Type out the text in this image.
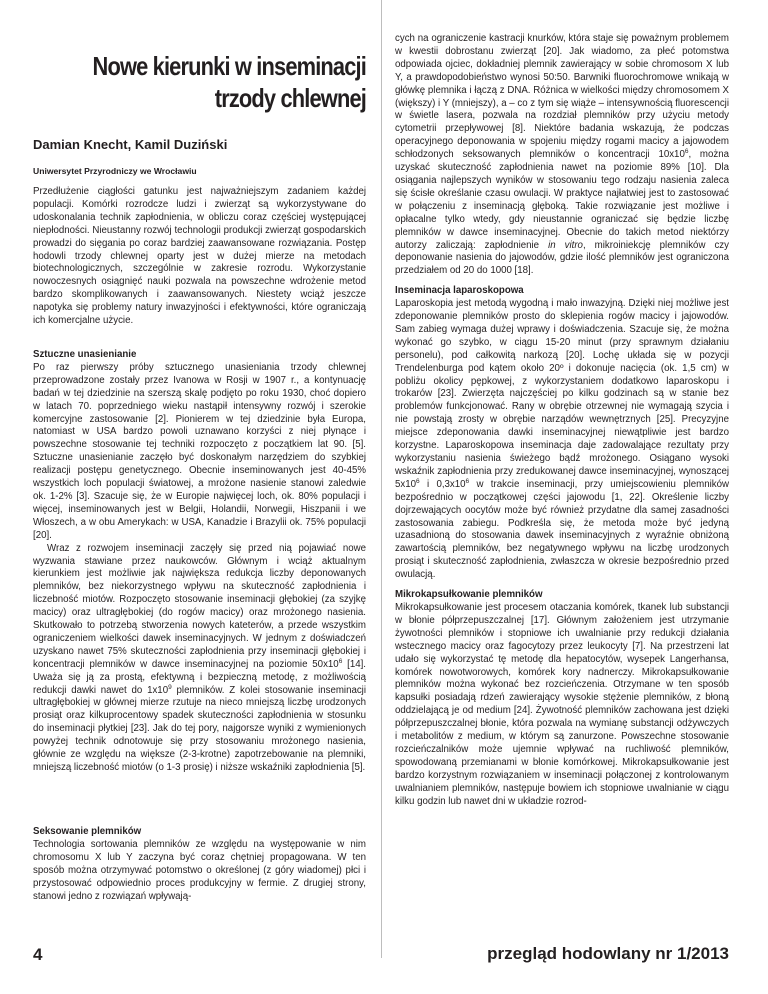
Nowe kierunki w inseminacji
trzody chlewnej
Damian Knecht, Kamil Duziński
Uniwersytet Przyrodniczy we Wrocławiu

Przedłużenie ciągłości gatunku jest najważniejszym zadaniem każdej populacji. Komórki rozrodcze ludzi i zwierząt są wykorzystywane do udoskonalania technik zapłodnienia, w obliczu coraz częściej występującej niepłodności. Nieustanny rozwój technologii produkcji zwierząt gospodarskich prowadzi do sięgania po coraz bardziej zaawansowane rozwiązania. Postęp hodowli trzody chlewnej oparty jest w dużej mierze na metodach biotechnologicznych, szczególnie w zakresie rozrodu. Wykorzystanie nowoczesnych osiągnięć nauki pozwala na powszechne wdrożenie metod bardzo skomplikowanych i zaawansowanych. Niestety wciąż jeszcze napotyka się problemy natury inwazyjności i efektywności, które ograniczają ich komercjalne użycie.

Sztuczne unasienianie

Po raz pierwszy próby sztucznego unasieniania trzody chlewnej przeprowadzone zostały przez Ivanowa w Rosji w 1907 r., a kontynuację badań w tej dziedzinie na szerszą skalę podjęto po roku 1930, choć dopiero w latach 70. poprzedniego wieku nastąpił intensywny rozwój i szerokie komercyjne zastosowanie [2]. Pionierem w tej dziedzinie była Europa, natomiast w USA bardzo powoli uznawano korzyści z niej płynące i powszechne stosowanie tej techniki rozpoczęto z początkiem lat 90. [5]. Sztuczne unasienianie zaczęło być doskonałym narzędziem do szybkiej realizacji postępu genetycznego. Obecnie inseminowanych jest 40-45% wszystkich loch populacji światowej, a mrożone nasienie stanowi zaledwie ok. 1-2% [3]. Szacuje się, że w Europie najwięcej loch, ok. 80% populacji i więcej, inseminowanych jest w Belgii, Holandii, Norwegii, Hiszpanii i we Włoszech, a w obu Amerykach: w USA, Kanadzie i Brazylii ok. 75% populacji [20].

Wraz z rozwojem inseminacji zaczęły się przed nią pojawiać nowe wyzwania stawiane przez naukowców. Głównym i wciąż aktualnym kierunkiem jest możliwie jak największa redukcja liczby deponowanych plemników, bez niekorzystnego wpływu na skuteczność zapłodnienia i liczebność miotów. Rozpoczęto stosowanie inseminacji głębokiej (za szyjkę macicy) oraz ultragłębokiej (do rogów macicy) oraz mrożonego nasienia. Skutkowało to potrzebą stworzenia nowych kateterów, a przede wszystkim ograniczeniem wielkości dawek inseminacyjnych. W jednym z doświadczeń uzyskano nawet 75% skuteczności zapłodnienia przy inseminacji głębokiej i koncentracji plemników w dawce inseminacyjnej na poziomie $50x10^6$ [14]. Uważa się ją za prostą, efektywną i bezpieczną metodę, z możliwością redukcji dawki nawet do $1x10^9$ plemników. Z kolei stosowanie inseminacji ultragłębokiej w głównej mierze rzutuje na nieco mniejszą liczbę urodzonych prosiąt oraz kilkuprocentowy spadek skuteczności zapłodnienia w stosunku do inseminacji płytkiej [23]. Jak do tej pory, najgorsze wyniki z wymienionych powyżej technik odnotowuje się przy stosowaniu mrożonego nasienia, głównie ze względu na większe (2-3-krotne) zapotrzebowanie na plemniki, mniejszą liczebność miotów (o 1-3 prosię) i niższe wskaźniki zapłodnienia [5].

Seksowanie plemników

Technologia sortowania plemników ze względu na występowanie w nim chromosomu X lub Y zaczyna być coraz chętniej propagowana. W ten sposób można otrzymywać potomstwo o określonej (z góry wiadomej) płci i przystosować odpowiednio proces produkcyjny w fermie. Z drugiej strony, stanowi jedno z rozwiązań wpływają-

cych na ograniczenie kastracji knurków, która staje się poważnym problemem w kwestii dobrostanu zwierząt [20]. Jak wiadomo, za płeć potomstwa odpowiada ojciec, dokładniej plemnik zawierający w sobie chromosom X lub Y, a prawdopodobieństwo wynosi 50:50. Barwniki fluorochromowe wnikają w główkę plemnika i łączą z DNA. Różnica w wielkości między chromosomem X (większy) i Y (mniejszy), a – co z tym się wiąże – intensywnością fluorescencji w świetle lasera, pozwala na rozdział plemników przy użyciu metody cytometrii przepływowej [8]. Niektóre badania wskazują, że podczas operacyjnego deponowania w spojeniu między rogami macicy a jajowodem schłodzonych seksowanych plemników o koncentracji $10x10^6$, można uzyskać skuteczność zapłodnienia nawet na poziomie 89% [10]. Dla osiągania najlepszych wyników w stosowaniu tego rodzaju nasienia zaleca się ścisłe określanie czasu owulacji. W praktyce najłatwiej jest to zastosować w połączeniu z inseminacją głęboką. Takie rozwiązanie jest możliwe i opłacalne tylko wtedy, gdy nieustannie ograniczać się będzie liczbę plemników w dawce inseminacyjnej. Obecnie do takich metod niektórzy autorzy zaliczają: zapłodnienie in vitro, mikroiniekcję plemników czy deponowanie nasienia do jajowodów, gdzie ilość plemników jest ograniczona przedziałem od 20 do 1000 [18].

Inseminacja laparoskopowa

Laparoskopia jest metodą wygodną i mało inwazyjną. Dzięki niej możliwe jest zdeponowanie plemników prosto do sklepienia rogów macicy i jajowodów. Sam zabieg wymaga dużej wprawy i doświadczenia. Szacuje się, że można wykonać go szybko, w ciągu 15-20 minut (przy sprawnym działaniu personelu), pod całkowitą narkozą [20]. Lochę układa się w pozycji Trendelenburga pod kątem około 20º i dokonuje nacięcia (ok. 1,5 cm) w pobliżu okolicy pępkowej, z wykorzystaniem dodatkowo laparoskopu i trokarów [23]. Zwierzęta najczęściej po kilku godzinach są w stanie bez problemów funkcjonować. Rany w obrębie otrzewnej nie wymagają szycia i nie powstają zrosty w obrębie narządów wewnętrznych [25]. Precyzyjne miejsce zdeponowania dawki inseminacyjnej niewątpliwie jest bardzo korzystne. Laparoskopowa inseminacja daje zadowalające rezultaty przy wykorzystaniu nasienia świeżego bądź mrożonego. Osiągano wysoki wskaźnik zapłodnienia przy zredukowanej dawce inseminacyjnej, wynoszącej $5x10^6$ i $0,3x10^6$ w trakcie inseminacji, przy umiejscowieniu plemników bezpośrednio w początkowej części jajowodu [1, 22]. Określenie liczby dojrzewających oocytów może być również przydatne dla samej zasadności zastosowania zabiegu. Podkreśla się, że metoda może być jedyną uzasadnioną do stosowania dawek inseminacyjnych z wyraźnie obniżoną zawartością plemników, bez negatywnego wpływu na liczbę urodzonych prosiąt i skuteczność zapłodnienia, zwłaszcza w okresie bezpośrednio przed owulacją.

Mikrokapsułkowanie plemników

Mikrokapsułkowanie jest procesem otaczania komórek, tkanek lub substancji w błonie półprzepuszczalnej [17]. Głównym założeniem jest utrzymanie żywotności plemników i stopniowe ich uwalnianie przy redukcji działania wstecznego macicy oraz fagocytozy przez leukocyty [7]. Na przestrzeni lat udało się wykorzystać tę metodę dla hepatocytów, wysepek Langerhansa, komórek nowotworowych, komórek kory nadnerczy. Mikrokapsułkowanie plemników można wykonać bez rozcieńczenia. Otrzymane w ten sposób kapsułki posiadają rdzeń zawierający wysokie stężenie plemników, z błoną oddzielającą je od medium [24]. Żywotność plemników zachowana jest dzięki półprzepuszczalnej błonie, która pozwala na wymianę substancji odżywczych i metabolitów z medium, w którym są zanurzone. Powszechne stosowanie rozcieńczalników może ujemnie wpływać na ruchliwość plemników, spowodowaną przemianami w błonie komórkowej. Mikrokapsułkowanie jest bardzo korzystnym rozwiązaniem w inseminacji połączonej z kontrolowanym uwalnianiem plemników, następuje bowiem ich stopniowe uwalnianie w ciągu kilku godzin lub nawet dni w układzie rozrod-

4	przegląd hodowlany nr 1/2013
